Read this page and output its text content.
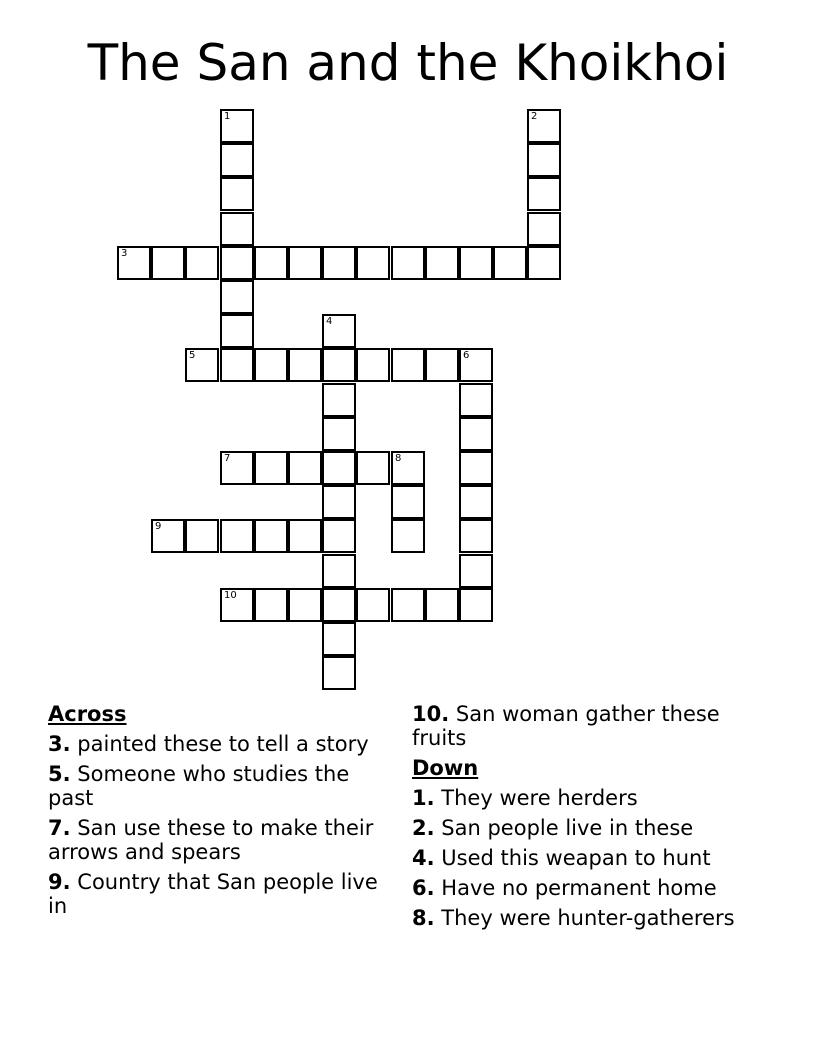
The San and the Khoikhoi
1	2
3
4
5	6
7	8
9
10
Across
3. painted these to tell a story
5. Someone who studies the past
7. San use these to make their arrows and spears
9. Country that San people live in
10. San woman gather these fruits
Down
1. They were herders
2. San people live in these
4. Used this weapan to hunt
6. Have no permanent home
8. They were hunter-gatherers
